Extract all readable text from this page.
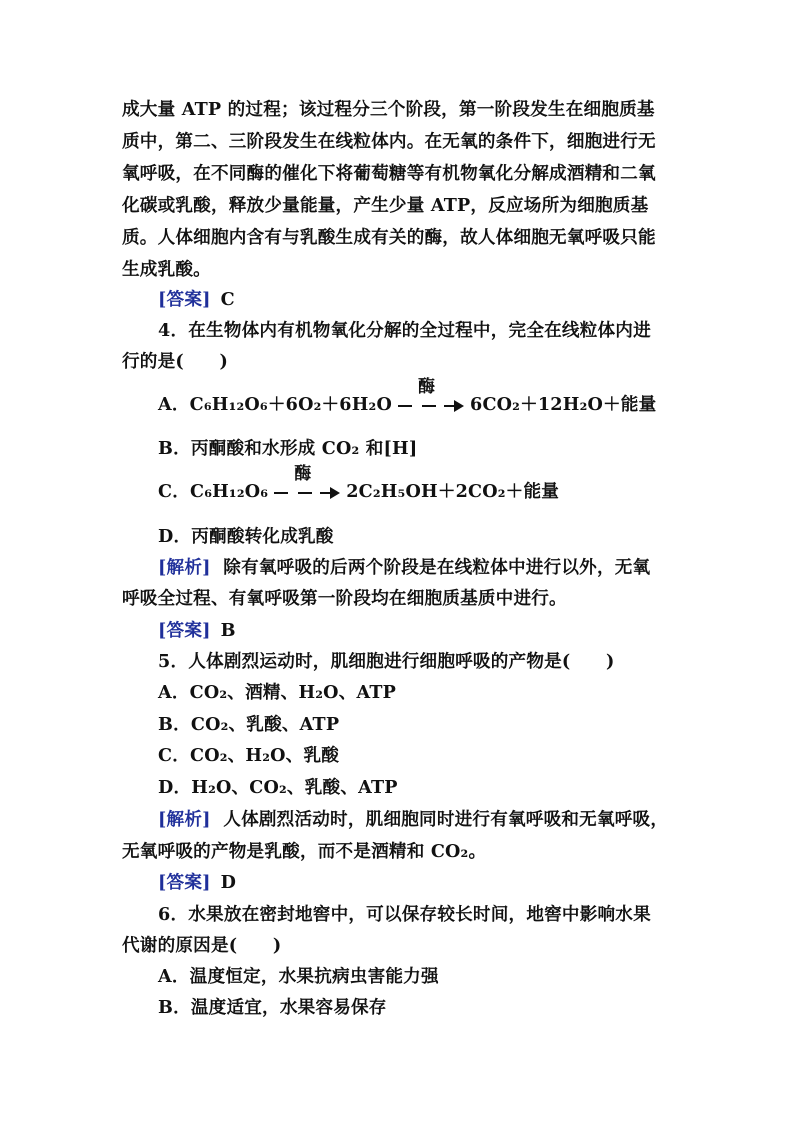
成大量 ATP 的过程；该过程分三个阶段，第一阶段发生在细胞质基
质中，第二、三阶段发生在线粒体内。在无氧的条件下，细胞进行无
氧呼吸，在不同酶的催化下将葡萄糖等有机物氧化分解成酒精和二氧
化碳或乳酸，释放少量能量，产生少量 ATP，反应场所为细胞质基
质。人体细胞内含有与乳酸生成有关的酶，故人体细胞无氧呼吸只能
生成乳酸。
[答案] C
4．在生物体内有机物氧化分解的全过程中，完全在线粒体内进
行的是(　　)
A．C₆H₁₂O₆＋6O₂＋6H₂O
酶
6CO₂＋12H₂O＋能量
B．丙酮酸和水形成 CO₂ 和[H]
C．C₆H₁₂O₆
酶
2C₂H₅OH＋2CO₂＋能量
D．丙酮酸转化成乳酸
[解析] 除有氧呼吸的后两个阶段是在线粒体中进行以外，无氧
呼吸全过程、有氧呼吸第一阶段均在细胞质基质中进行。
[答案] B
5．人体剧烈运动时，肌细胞进行细胞呼吸的产物是(　　)
A．CO₂、酒精、H₂O、ATP
B．CO₂、乳酸、ATP
C．CO₂、H₂O、乳酸
D．H₂O、CO₂、乳酸、ATP
[解析] 人体剧烈活动时，肌细胞同时进行有氧呼吸和无氧呼吸，
无氧呼吸的产物是乳酸，而不是酒精和 CO₂。
[答案] D
6．水果放在密封地窖中，可以保存较长时间，地窖中影响水果
代谢的原因是(　　)
A．温度恒定，水果抗病虫害能力强
B．温度适宜，水果容易保存
